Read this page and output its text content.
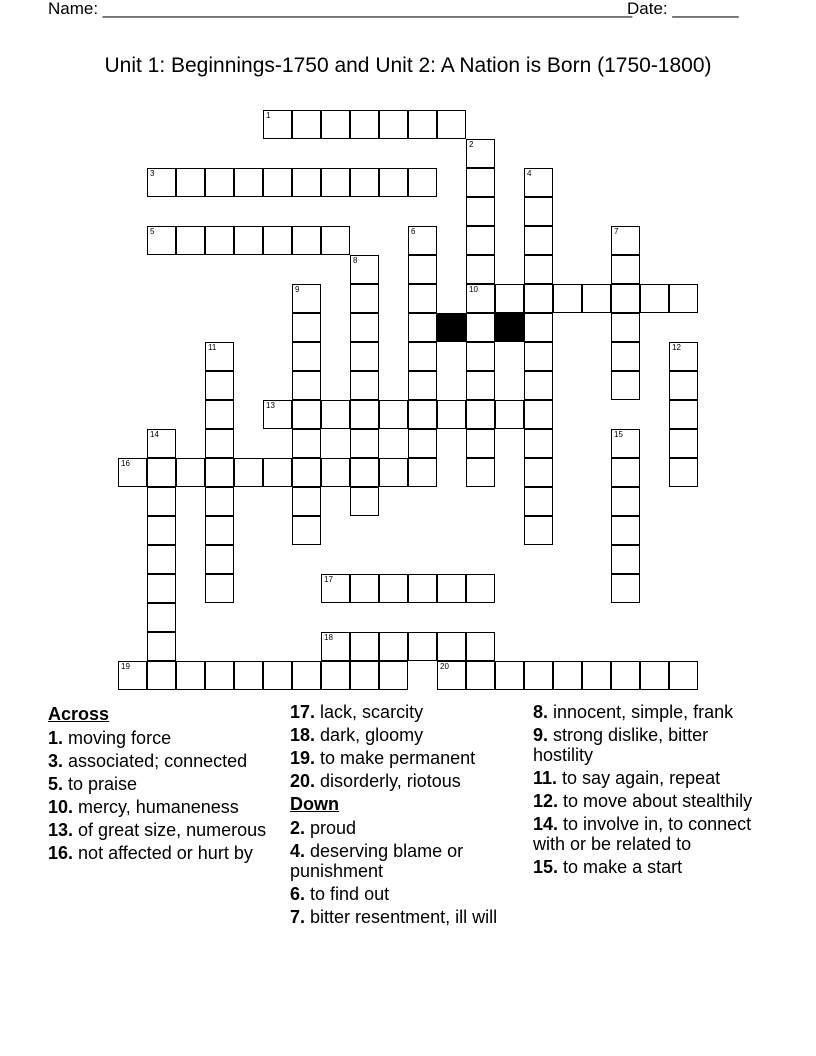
Name: ________________________________________________________
Date: _______
Unit 1: Beginnings-1750 and Unit 2: A Nation is Born (1750-1800)
1
2
10
3	4
5	6	7
8
9
11	12
13
14	15
16
17
18
19	20
Across
1. moving force
3. associated; connected
5. to praise
10. mercy, humaneness
13. of great size, numerous
16. not affected or hurt by
17. lack, scarcity
18. dark, gloomy
19. to make permanent
20. disorderly, riotous
Down
2. proud
4. deserving blame or punishment
6. to find out
7. bitter resentment, ill will
8. innocent, simple, frank
9. strong dislike, bitter hostility
11. to say again, repeat
12. to move about stealthily
14. to involve in, to connect with or be related to
15. to make a start
